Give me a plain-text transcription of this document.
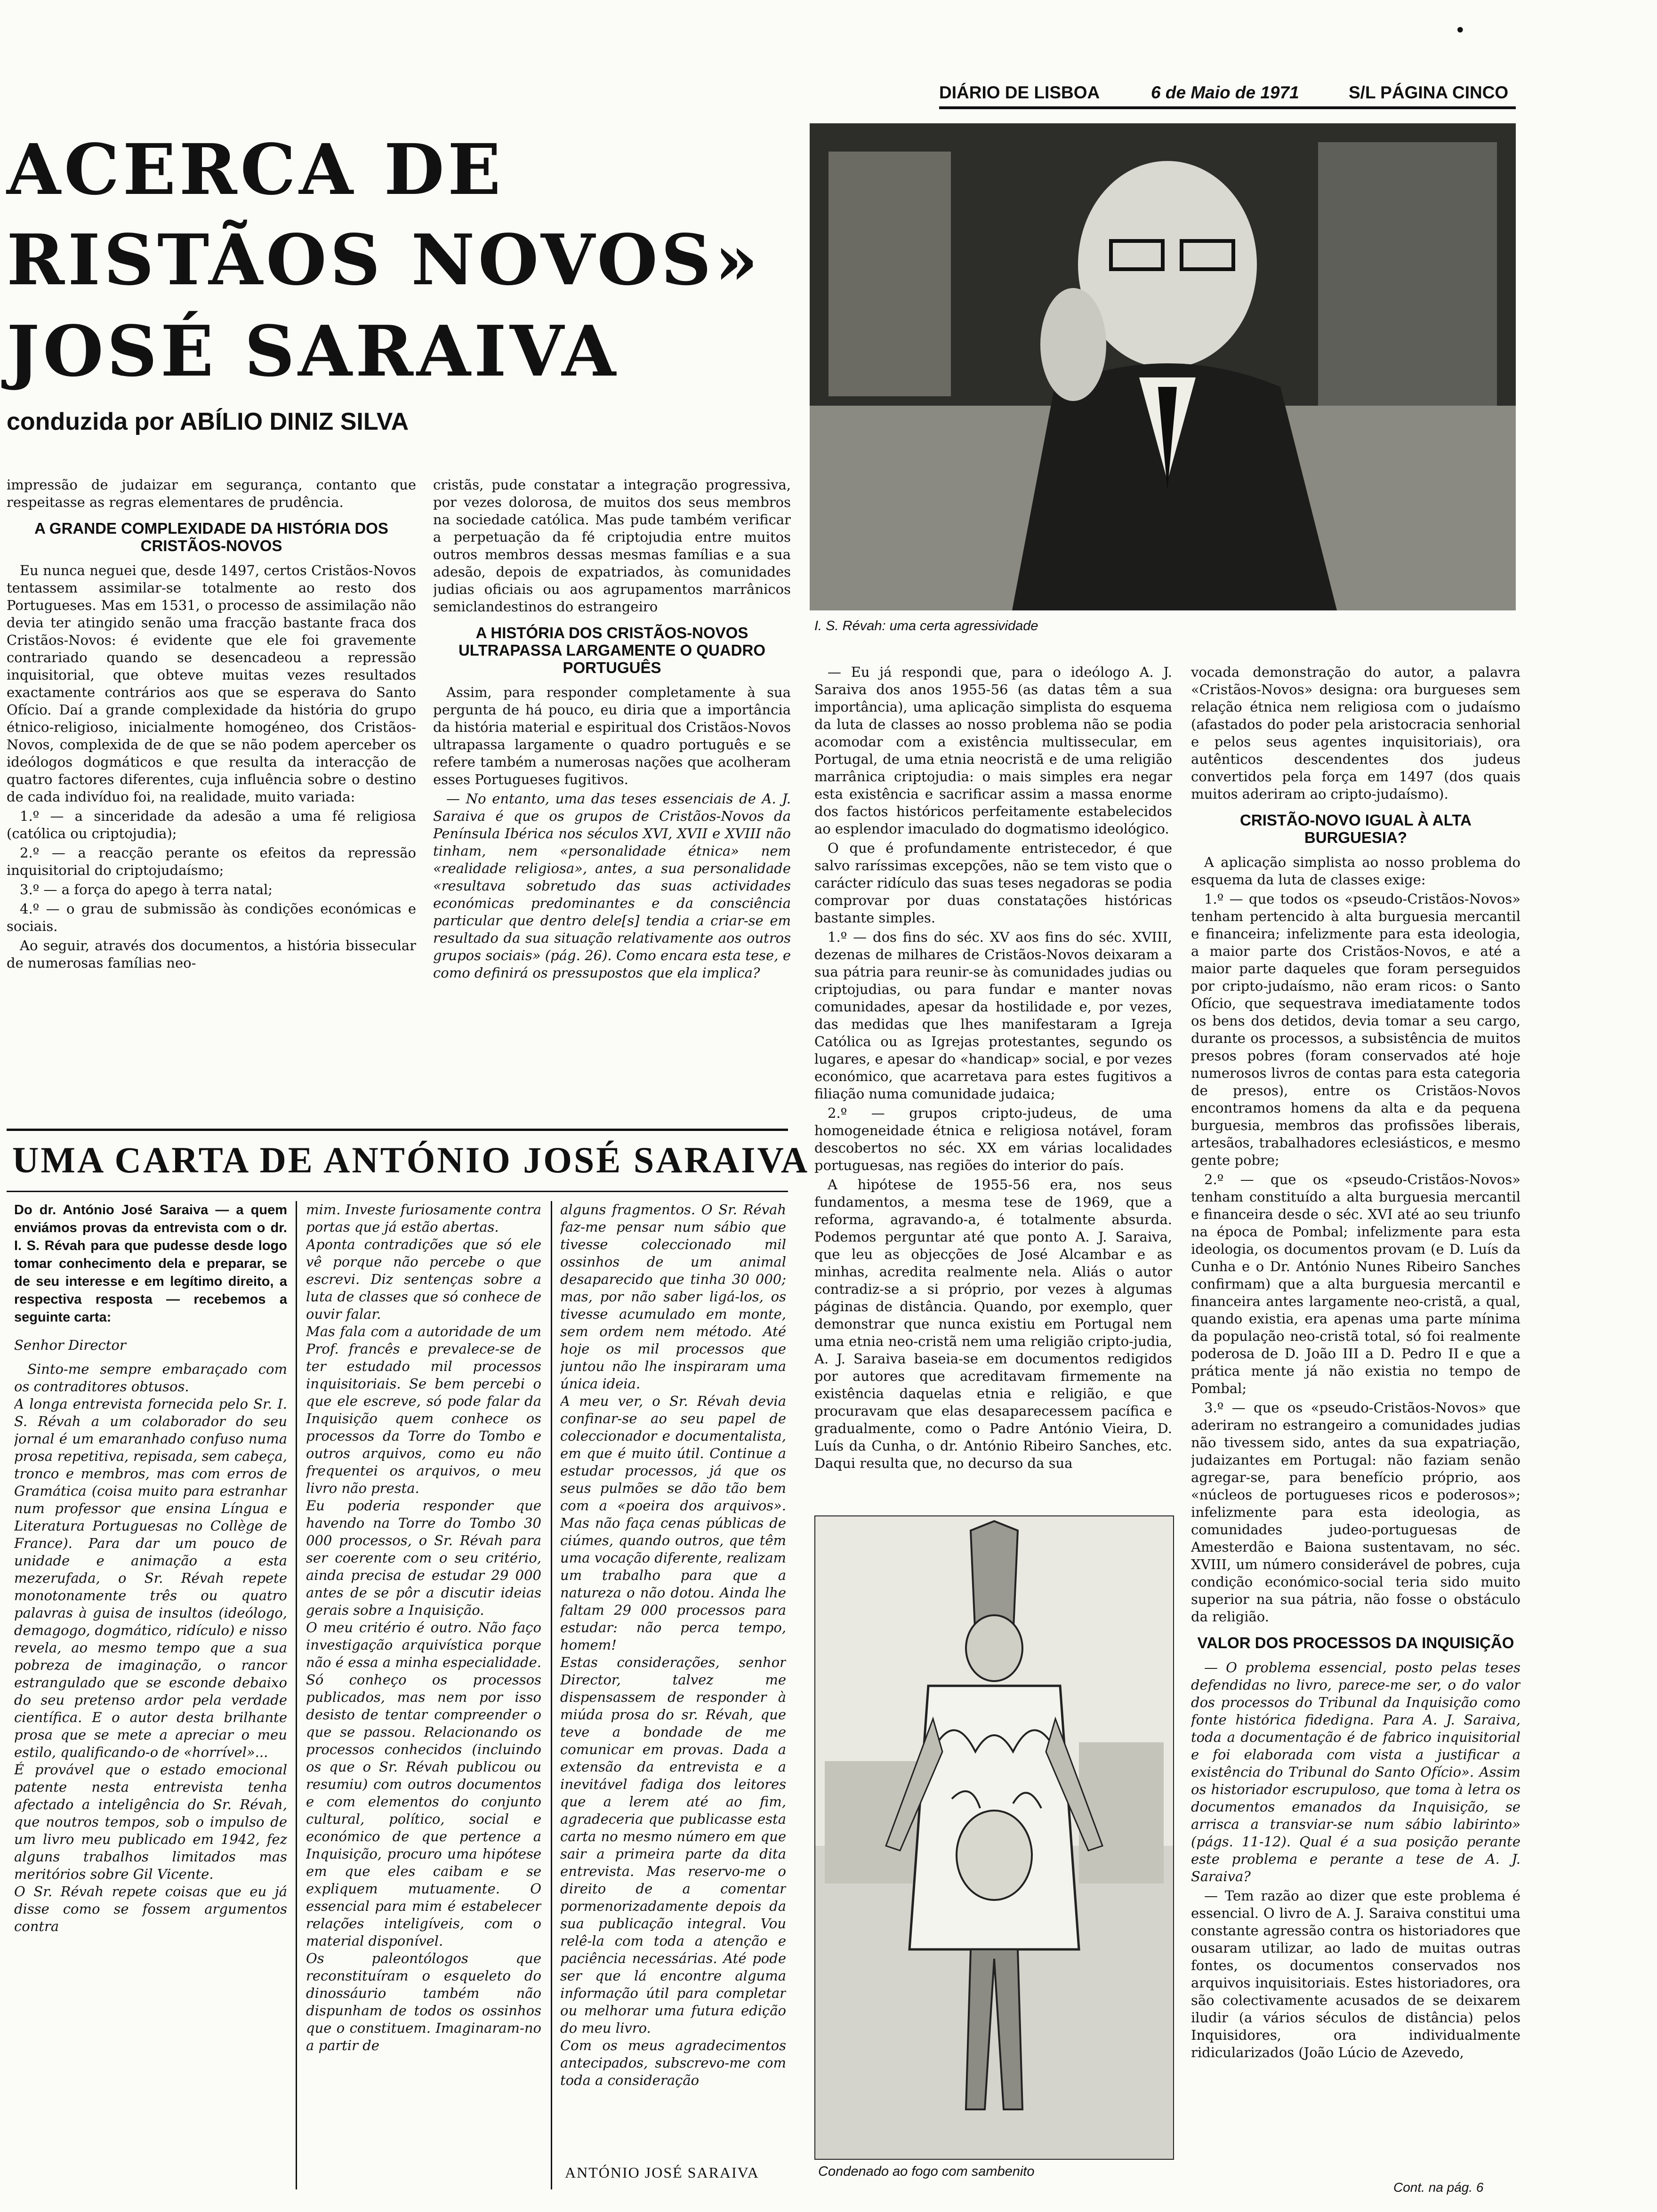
DIÁRIO DE LISBOA	6 de Maio de 1971	S/L PÁGINA CINCO
•
ACERCA DE
RISTÃOS NOVOS»
JOSÉ SARAIVA
conduzida por ABÍLIO DINIZ SILVA
I. S. Révah: uma certa agressividade

impressão de judaizar em segurança, contanto que respeitasse as regras elementares de prudência.

A GRANDE COMPLEXIDADE DA HISTÓRIA DOS CRISTÃOS-NOVOS

Eu nunca neguei que, desde 1497, certos Cristãos-Novos tentassem assimilar-se totalmente ao resto dos Portugueses. Mas em 1531, o processo de assimilação não devia ter atingido senão uma fracção bastante fraca dos Cristãos-Novos: é evidente que ele foi gravemente contrariado quando se desencadeou a repressão inquisitorial, que obteve muitas vezes resultados exactamente contrários aos que se esperava do Santo Ofício. Daí a grande complexidade da história do grupo étnico-religioso, inicialmente homogéneo, dos Cristãos-Novos, complexida de de que se não podem aperceber os ideólogos dogmáticos e que resulta da interacção de quatro factores diferentes, cuja influência sobre o destino de cada indivíduo foi, na realidade, muito variada:

1.º — a sinceridade da adesão a uma fé religiosa (católica ou criptojudia);

2.º — a reacção perante os efeitos da repressão inquisitorial do criptojudaísmo;

3.º — a força do apego à terra natal;

4.º — o grau de submissão às condições económicas e sociais.

Ao seguir, através dos documentos, a história bissecular de numerosas famílias neo-

cristãs, pude constatar a integração progressiva, por vezes dolorosa, de muitos dos seus membros na sociedade católica. Mas pude também verificar a perpetuação da fé criptojudia entre muitos outros membros dessas mesmas famílias e a sua adesão, depois de expatriados, às comunidades judias oficiais ou aos agrupamentos marrânicos semiclandestinos do estrangeiro

A HISTÓRIA DOS CRISTÃOS-NOVOS ULTRAPASSA LARGAMENTE O QUADRO PORTUGUÊS

Assim, para responder completamente à sua pergunta de há pouco, eu diria que a importância da história material e espiritual dos Cristãos-Novos ultrapassa largamente o quadro português e se refere também a numerosas nações que acolheram esses Portugueses fugitivos.

— No entanto, uma das teses essenciais de A. J. Saraiva é que os grupos de Cristãos-Novos da Península Ibérica nos séculos XVI, XVII e XVIII não tinham, nem «personalidade étnica» nem «realidade religiosa», antes, a sua personalidade «resultava sobretudo das suas actividades económicas predominantes e da consciência particular que dentro dele[s] tendia a criar-se em resultado da sua situação relativamente aos outros grupos sociais» (pág. 26). Como encara esta tese, e como definirá os pressupostos que ela implica?

— Eu já respondi que, para o ideólogo A. J. Saraiva dos anos 1955-56 (as datas têm a sua importância), uma aplicação simplista do esquema da luta de classes ao nosso problema não se podia acomodar com a existência multissecular, em Portugal, de uma etnia neocristã e de uma religião marrânica criptojudia: o mais simples era negar esta existência e sacrificar assim a massa enorme dos factos históricos perfeitamente estabelecidos ao esplendor imaculado do dogmatismo ideológico.

O que é profundamente entristecedor, é que salvo raríssimas excepções, não se tem visto que o carácter ridículo das suas teses negadoras se podia comprovar por duas constatações históricas bastante simples.

1.º — dos fins do séc. XV aos fins do séc. XVIII, dezenas de milhares de Cristãos-Novos deixaram a sua pátria para reunir-se às comunidades judias ou criptojudias, ou para fundar e manter novas comunidades, apesar da hostilidade e, por vezes, das medidas que lhes manifestaram a Igreja Católica ou as Igrejas protestantes, segundo os lugares, e apesar do «handicap» social, e por vezes económico, que acarretava para estes fugitivos a filiação numa comunidade judaica;

2.º — grupos cripto-judeus, de uma homogeneidade étnica e religiosa notável, foram descobertos no séc. XX em várias localidades portuguesas, nas regiões do interior do país.

A hipótese de 1955-56 era, nos seus fundamentos, a mesma tese de 1969, que a reforma, agravando-a, é totalmente absurda. Podemos perguntar até que ponto A. J. Saraiva, que leu as objecções de José Alcambar e as minhas, acredita realmente nela. Aliás o autor contradiz-se a si próprio, por vezes à algumas páginas de distância. Quando, por exemplo, quer demonstrar que nunca existiu em Portugal nem uma etnia neo-cristã nem uma religião cripto-judia, A. J. Saraiva baseia-se em documentos redigidos por autores que acreditavam firmemente na existência daquelas etnia e religião, e que procuravam que elas desaparecessem pacífica e gradualmente, como o Padre António Vieira, D. Luís da Cunha, o dr. António Ribeiro Sanches, etc. Daqui resulta que, no decurso da sua

vocada demonstração do autor, a palavra «Cristãos-Novos» designa: ora burgueses sem relação étnica nem religiosa com o judaísmo (afastados do poder pela aristocracia senhorial e pelos seus agentes inquisitoriais), ora autênticos descendentes dos judeus convertidos pela força em 1497 (dos quais muitos aderiram ao cripto-judaísmo).

CRISTÃO-NOVO IGUAL À ALTA BURGUESIA?

A aplicação simplista ao nosso problema do esquema da luta de classes exige:

1.º — que todos os «pseudo-Cristãos-Novos» tenham pertencido à alta burguesia mercantil e financeira; infelizmente para esta ideologia, a maior parte dos Cristãos-Novos, e até a maior parte daqueles que foram perseguidos por cripto-judaísmo, não eram ricos: o Santo Ofício, que sequestrava imediatamente todos os bens dos detidos, devia tomar a seu cargo, durante os processos, a subsistência de muitos presos pobres (foram conservados até hoje numerosos livros de contas para esta categoria de presos), entre os Cristãos-Novos encontramos homens da alta e da pequena burguesia, membros das profissões liberais, artesãos, trabalhadores eclesiásticos, e mesmo gente pobre;

2.º — que os «pseudo-Cristãos-Novos» tenham constituído a alta burguesia mercantil e financeira desde o séc. XVI até ao seu triunfo na época de Pombal; infelizmente para esta ideologia, os documentos provam (e D. Luís da Cunha e o Dr. António Nunes Ribeiro Sanches confirmam) que a alta burguesia mercantil e financeira antes largamente neo-cristã, a qual, quando existia, era apenas uma parte mínima da população neo-cristã total, só foi realmente poderosa de D. João III a D. Pedro II e que a prática mente já não existia no tempo de Pombal;

3.º — que os «pseudo-Cristãos-Novos» que aderiram no estrangeiro a comunidades judias não tivessem sido, antes da sua expatriação, judaizantes em Portugal: não faziam senão agregar-se, para benefício próprio, aos «núcleos de portugueses ricos e poderosos»; infelizmente para esta ideologia, as comunidades judeo-portuguesas de Amesterdão e Baiona sustentavam, no séc. XVIII, um número considerável de pobres, cuja condição económico-social teria sido muito superior na sua pátria, não fosse o obstáculo da religião.

VALOR DOS PROCESSOS DA INQUISIÇÃO

— O problema essencial, posto pelas teses defendidas no livro, parece-me ser, o do valor dos processos do Tribunal da Inquisição como fonte histórica fidedigna. Para A. J. Saraiva, toda a documentação é de fabrico inquisitorial e foi elaborada com vista a justificar a existência do Tribunal do Santo Ofício». Assim os historiador escrupuloso, que toma à letra os documentos emanados da Inquisição, se arrisca a transviar-se num sábio labirinto» (págs. 11-12). Qual é a sua posição perante este problema e perante a tese de A. J. Saraiva?

— Tem razão ao dizer que este problema é essencial. O livro de A. J. Saraiva constitui uma constante agressão contra os historiadores que ousaram utilizar, ao lado de muitas outras fontes, os documentos conservados nos arquivos inquisitoriais. Estes historiadores, ora são colectivamente acusados de se deixarem iludir (a vários séculos de distância) pelos Inquisidores, ora individualmente ridicularizados (João Lúcio de Azevedo,

Cont. na pág. 6
UMA CARTA DE ANTÓNIO JOSÉ SARAIVA
Do dr. António José Saraiva — a quem enviámos provas da entrevista com o dr. I. S. Révah para que pudesse desde logo tomar conhecimento dela e preparar, se de seu interesse e em legítimo direito, a respectiva resposta — recebemos a seguinte carta:

Senhor Director

Sinto-me sempre embaraçado com os contraditores obtusos.
A longa entrevista fornecida pelo Sr. I. S. Révah a um colaborador do seu jornal é um emaranhado confuso numa prosa repetitiva, repisada, sem cabeça, tronco e membros, mas com erros de Gramática (coisa muito para estranhar num professor que ensina Língua e Literatura Portuguesas no Collège de France). Para dar um pouco de unidade e animação a esta mezerufada, o Sr. Révah repete monotonamente três ou quatro palavras à guisa de insultos (ideólogo, demagogo, dogmático, ridículo) e nisso revela, ao mesmo tempo que a sua pobreza de imaginação, o rancor estrangulado que se esconde debaixo do seu pretenso ardor pela verdade científica. E o autor desta brilhante prosa que se mete a apreciar o meu estilo, qualificando-o de «horrível»...
É provável que o estado emocional patente nesta entrevista tenha afectado a inteligência do Sr. Révah, que noutros tempos, sob o impulso de um livro meu publicado em 1942, fez alguns trabalhos limitados mas meritórios sobre Gil Vicente.
O Sr. Révah repete coisas que eu já disse como se fossem argumentos contra

mim. Investe furiosamente contra portas que já estão abertas.
Aponta contradições que só ele vê porque não percebe o que escrevi. Diz sentenças sobre a luta de classes que só conhece de ouvir falar.
Mas fala com a autoridade de um Prof. francês e prevalece-se de ter estudado mil processos inquisitoriais. Se bem percebi o que ele escreve, só pode falar da Inquisição quem conhece os processos da Torre do Tombo e outros arquivos, como eu não frequentei os arquivos, o meu livro não presta.
Eu poderia responder que havendo na Torre do Tombo 30 000 processos, o Sr. Révah para ser coerente com o seu critério, ainda precisa de estudar 29 000 antes de se pôr a discutir ideias gerais sobre a Inquisição.
O meu critério é outro. Não faço investigação arquivística porque não é essa a minha especialidade. Só conheço os processos publicados, mas nem por isso desisto de tentar compreender o que se passou. Relacionando os processos conhecidos (incluindo os que o Sr. Révah publicou ou resumiu) com outros documentos e com elementos do conjunto cultural, político, social e económico de que pertence a Inquisição, procuro uma hipótese em que eles caibam e se expliquem mutuamente. O essencial para mim é estabelecer relações inteligíveis, com o material disponível.
Os paleontólogos que reconstituíram o esqueleto do dinossáurio também não dispunham de todos os ossinhos que o constituem. Imaginaram-no a partir de

alguns fragmentos. O Sr. Révah faz-me pensar num sábio que tivesse coleccionado mil ossinhos de um animal desaparecido que tinha 30 000; mas, por não saber ligá-los, os tivesse acumulado em monte, sem ordem nem método. Até hoje os mil processos que juntou não lhe inspiraram uma única ideia.
A meu ver, o Sr. Révah devia confinar-se ao seu papel de coleccionador e documentalista, em que é muito útil. Continue a estudar processos, já que os seus pulmões se dão tão bem com a «poeira dos arquivos». Mas não faça cenas públicas de ciúmes, quando outros, que têm uma vocação diferente, realizam um trabalho para que a natureza o não dotou. Ainda lhe faltam 29 000 processos para estudar: não perca tempo, homem!
Estas considerações, senhor Director, talvez me dispensassem de responder à miúda prosa do sr. Révah, que teve a bondade de me comunicar em provas. Dada a extensão da entrevista e a inevitável fadiga dos leitores que a lerem até ao fim, agradeceria que publicasse esta carta no mesmo número em que sair a primeira parte da dita entrevista. Mas reservo-me o direito de a comentar pormenorizadamente depois da sua publicação integral. Vou relê-la com toda a atenção e paciência necessárias. Até pode ser que lá encontre alguma informação útil para completar ou melhorar uma futura edição do meu livro.
Com os meus agradecimentos antecipados, subscrevo-me com toda a consideração

ANTÓNIO JOSÉ SARAIVA	Condenado ao fogo com sambenito
